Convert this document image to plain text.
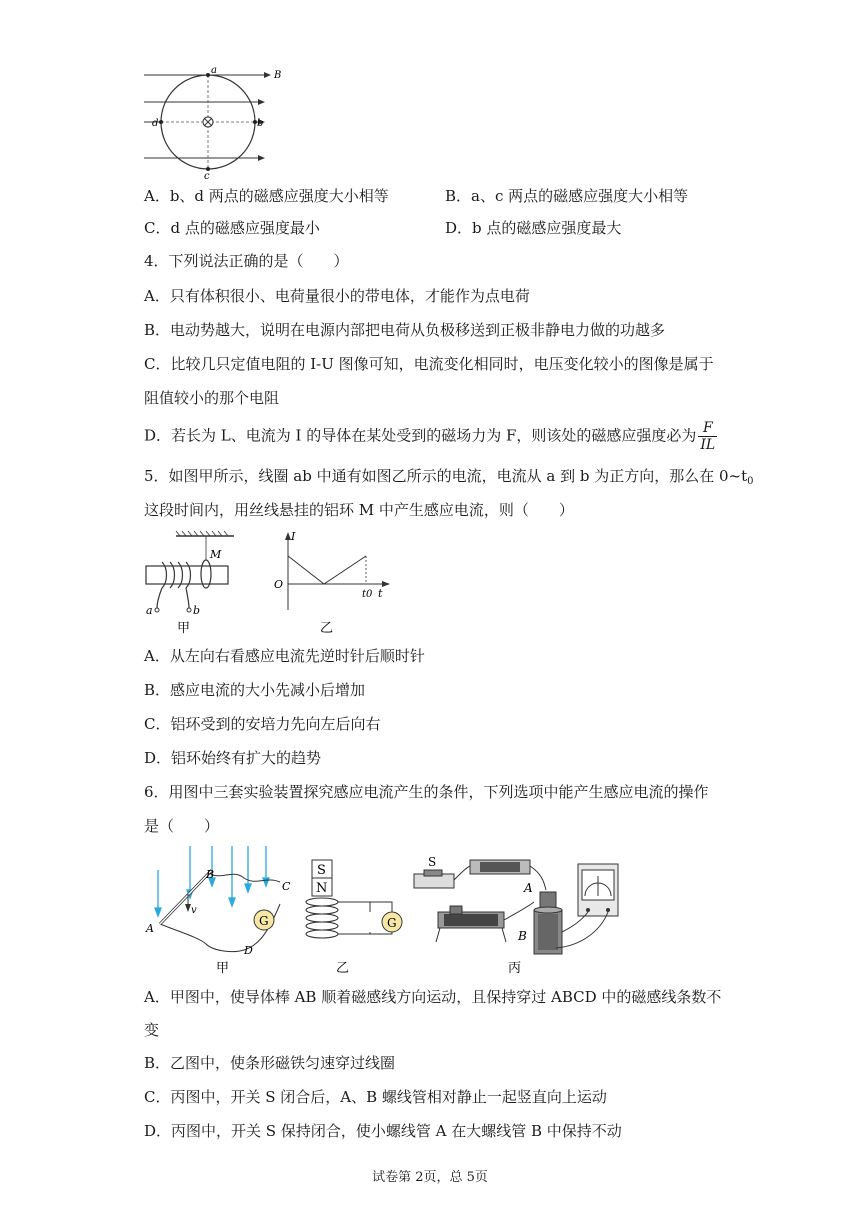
B
a
d	b
c
A．b、d 两点的磁感应强度大小相等	B．a、c 两点的磁感应强度大小相等
C．d 点的磁感应强度最小	D．b 点的磁感应强度最大
4．下列说法正确的是（　　）
A．只有体积很小、电荷量很小的带电体，才能作为点电荷
B．电动势越大，说明在电源内部把电荷从负极移送到正极非静电力做的功越多
C．比较几只定值电阻的 I-U 图像可知，电流变化相同时，电压变化较小的图像是属于
阻值较小的那个电阻
D．若长为 L、电流为 I 的导体在某处受到的磁场力为 F，则该处的磁感应强度必为 $\frac{F}{IL}$
5．如图甲所示，线圈 ab 中通有如图乙所示的电流，电流从 a 到 b 为正方向，那么在 $0\sim t_0$
这段时间内，用丝线悬挂的铝环 M 中产生感应电流，则（　　）
M
a	b
甲
I
O
t0 t
乙
A．从左向右看感应电流先逆时针后顺时针
B．感应电流的大小先减小后增加
C．铝环受到的安培力先向左后向右
D．铝环始终有扩大的趋势
6．用图中三套实验装置探究感应电流产生的条件，下列选项中能产生感应电流的操作
是（　　）
G
A
B
C
D
v
甲
S
N
G
乙
S
A
B
丙
A．甲图中，使导体棒 AB 顺着磁感线方向运动，且保持穿过 ABCD 中的磁感线条数不
变
B．乙图中，使条形磁铁匀速穿过线圈
C．丙图中，开关 S 闭合后，A、B 螺线管相对静止一起竖直向上运动
D．丙图中，开关 S 保持闭合，使小螺线管 A 在大螺线管 B 中保持不动
试卷第 2页，总 5页
